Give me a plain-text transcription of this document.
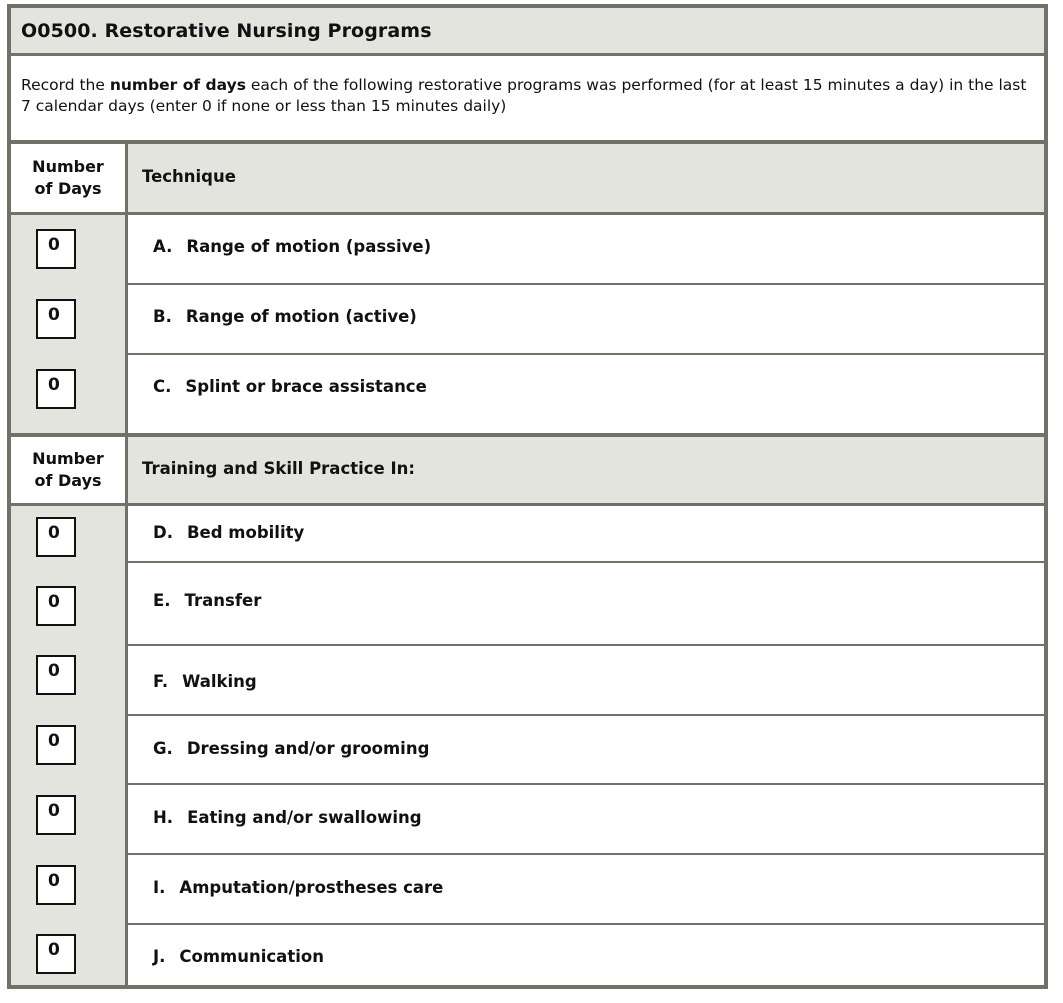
O0500. Restorative Nursing Programs
Record the number of days each of the following restorative programs was performed (for at least 15 minutes a day) in the last 7 calendar days (enter 0 if none or less than 15 minutes daily)
Number of Days
Technique
0
0
0
A. Range of motion (passive)
B. Range of motion (active)
C. Splint or brace assistance
Number of Days
Training and Skill Practice In:
0
0
0
0
0
0
0
D. Bed mobility
E. Transfer
F. Walking
G. Dressing and/or grooming
H. Eating and/or swallowing
I. Amputation/prostheses care
J. Communication
